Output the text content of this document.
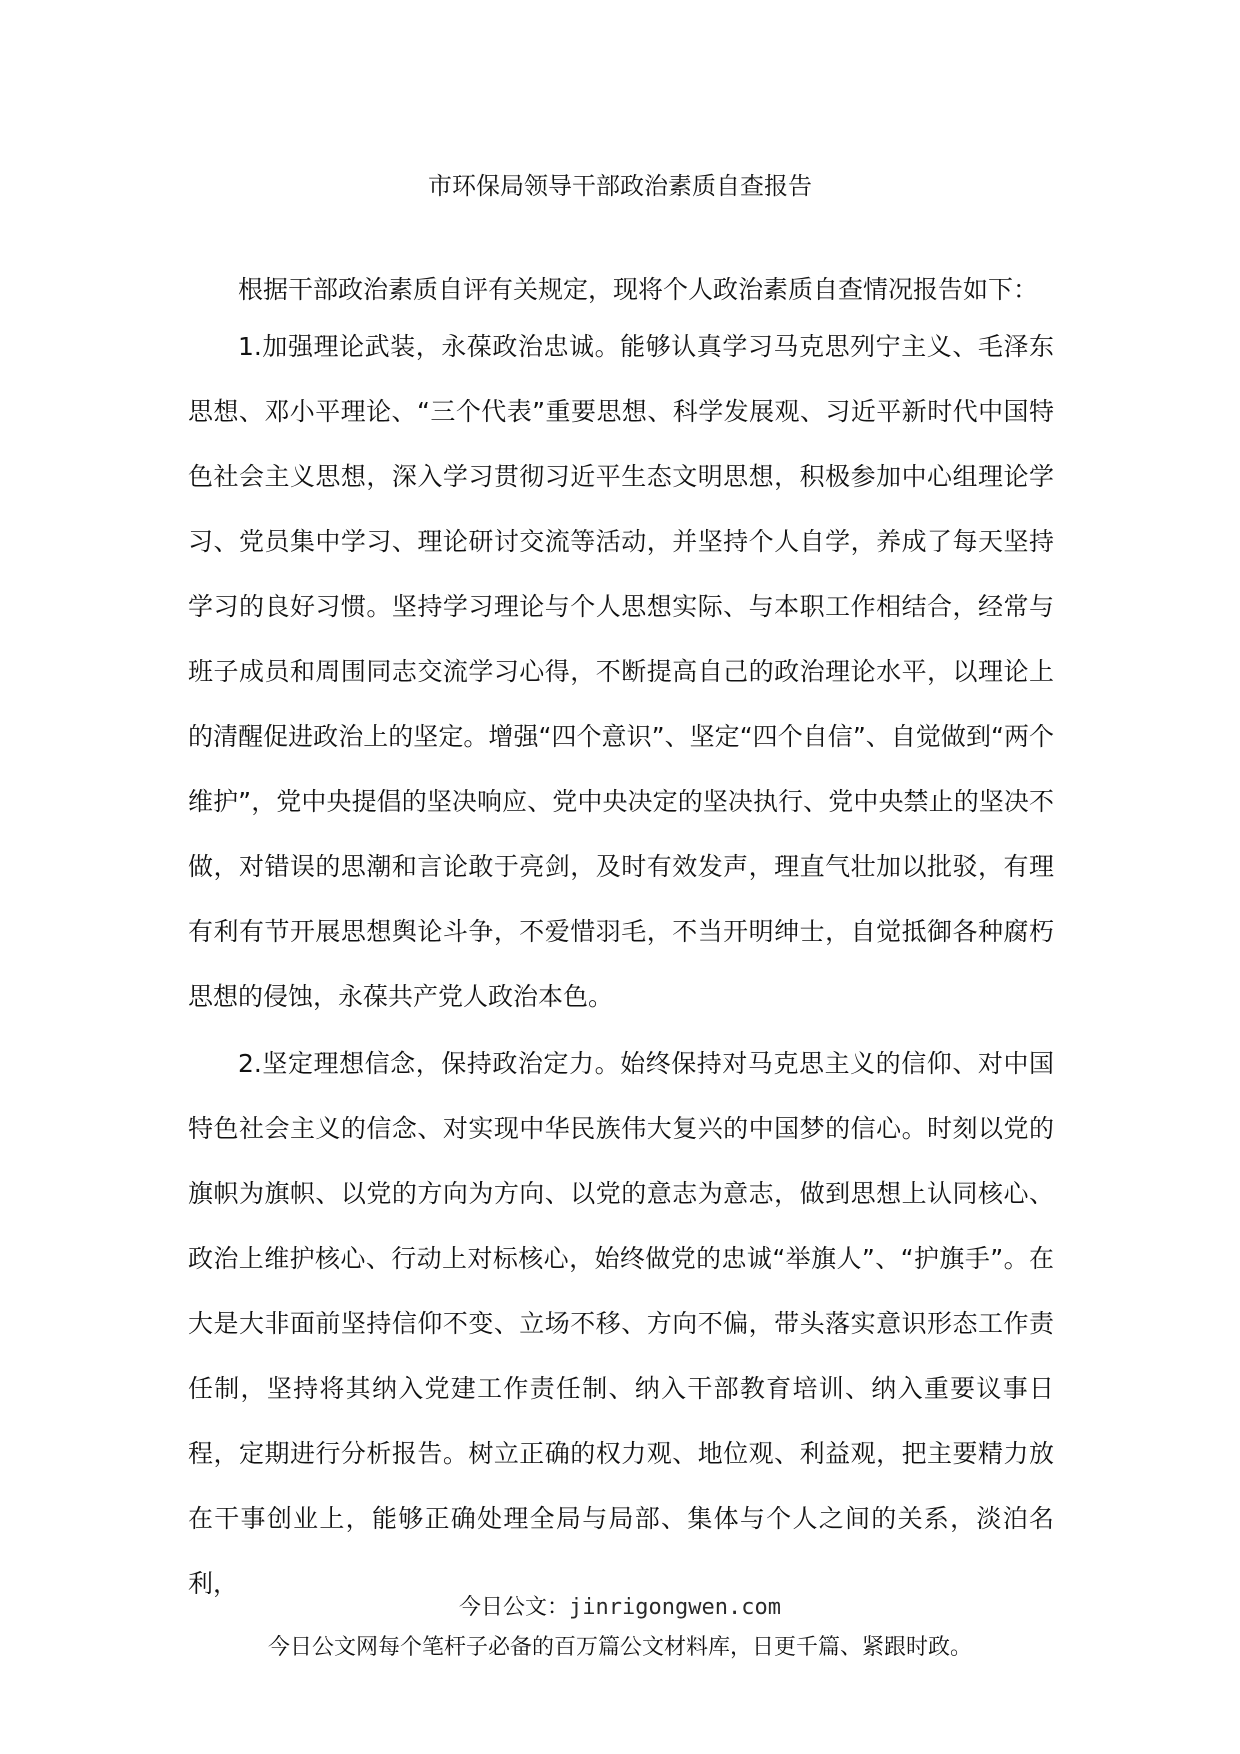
市环保局领导干部政治素质自查报告

根据干部政治素质自评有关规定，现将个人政治素质自查情况报告如下：

1.加强理论武装，永葆政治忠诚。能够认真学习马克思列宁主义、毛泽东思想、邓小平理论、“三个代表”重要思想、科学发展观、习近平新时代中国特色社会主义思想，深入学习贯彻习近平生态文明思想，积极参加中心组理论学习、党员集中学习、理论研讨交流等活动，并坚持个人自学，养成了每天坚持学习的良好习惯。坚持学习理论与个人思想实际、与本职工作相结合，经常与班子成员和周围同志交流学习心得，不断提高自己的政治理论水平，以理论上的清醒促进政治上的坚定。增强“四个意识”、坚定“四个自信”、自觉做到“两个维护”，党中央提倡的坚决响应、党中央决定的坚决执行、党中央禁止的坚决不做，对错误的思潮和言论敢于亮剑，及时有效发声，理直气壮加以批驳，有理有利有节开展思想舆论斗争，不爱惜羽毛，不当开明绅士，自觉抵御各种腐朽思想的侵蚀，永葆共产党人政治本色。

2.坚定理想信念，保持政治定力。始终保持对马克思主义的信仰、对中国特色社会主义的信念、对实现中华民族伟大复兴的中国梦的信心。时刻以党的旗帜为旗帜、以党的方向为方向、以党的意志为意志，做到思想上认同核心、政治上维护核心、行动上对标核心，始终做党的忠诚“举旗人”、“护旗手”。在大是大非面前坚持信仰不变、立场不移、方向不偏，带头落实意识形态工作责任制，坚持将其纳入党建工作责任制、纳入干部教育培训、纳入重要议事日程，定期进行分析报告。树立正确的权力观、地位观、利益观，把主要精力放在干事创业上，能够正确处理全局与局部、集体与个人之间的关系，淡泊名利，

今日公文：jinrigongwen.com
今日公文网每个笔杆子必备的百万篇公文材料库，日更千篇、紧跟时政。
